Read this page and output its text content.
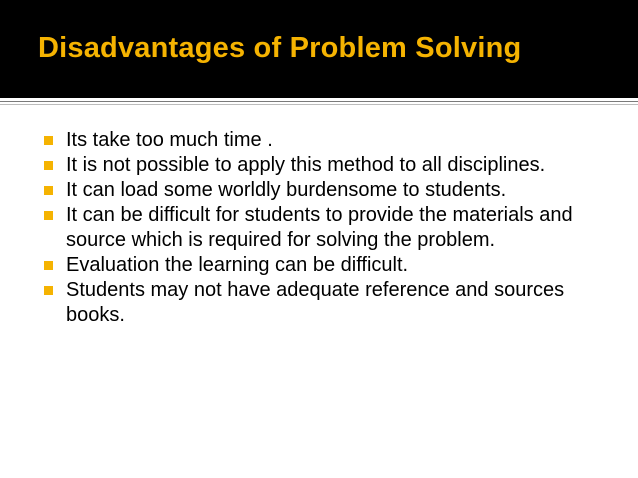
Disadvantages of Problem Solving
Its take too much time .
It is not possible to apply this method to all disciplines.
It can load some worldly burdensome to students.
It can be difficult for students to provide the materials and source which is required for solving the problem.
Evaluation the learning can be difficult.
Students may not have adequate reference and sources books.
